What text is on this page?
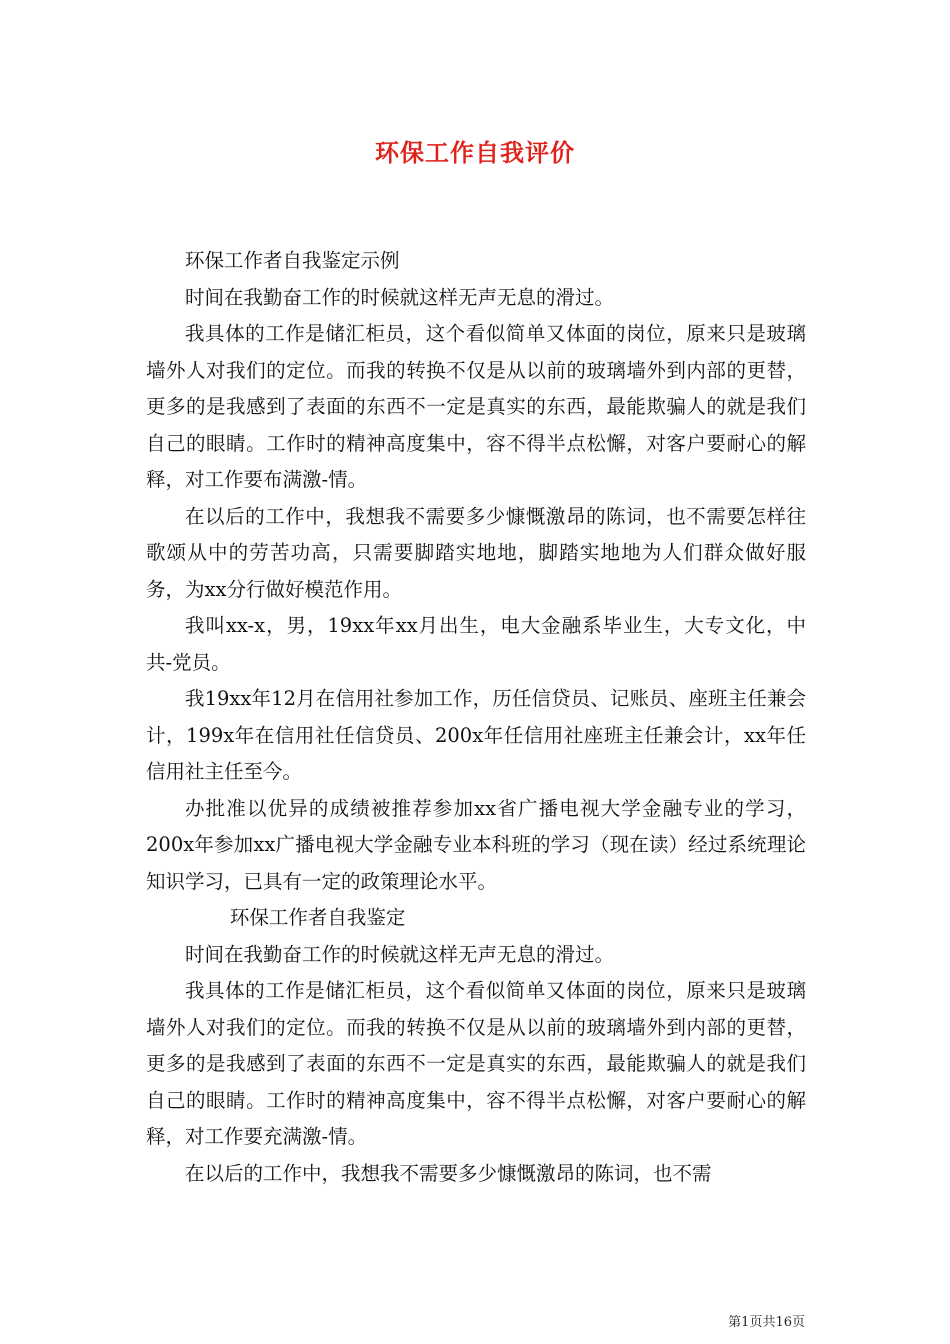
环保工作自我评价

环保工作者自我鉴定示例

时间在我勤奋工作的时候就这样无声无息的滑过。

我具体的工作是储汇柜员，这个看似简单又体面的岗位，原来只是玻璃墙外人对我们的定位。而我的转换不仅是从以前的玻璃墙外到内部的更替，更多的是我感到了表面的东西不一定是真实的东西，最能欺骗人的就是我们自己的眼睛。工作时的精神高度集中，容不得半点松懈，对客户要耐心的解释，对工作要布满激-情。

在以后的工作中，我想我不需要多少慷慨激昂的陈词，也不需要怎样往歌颂从中的劳苦功高，只需要脚踏实地地，脚踏实地地为人们群众做好服务，为xx分行做好模范作用。

我叫xx-x，男，19xx年xx月出生，电大金融系毕业生，大专文化，中共-党员。

我19xx年12月在信用社参加工作，历任信贷员、记账员、座班主任兼会计，199x年在信用社任信贷员、200x年任信用社座班主任兼会计，xx年任信用社主任至今。

办批准以优异的成绩被推荐参加xx省广播电视大学金融专业的学习，200x年参加xx广播电视大学金融专业本科班的学习（现在读）经过系统理论知识学习，已具有一定的政策理论水平。

环保工作者自我鉴定

时间在我勤奋工作的时候就这样无声无息的滑过。

我具体的工作是储汇柜员，这个看似简单又体面的岗位，原来只是玻璃墙外人对我们的定位。而我的转换不仅是从以前的玻璃墙外到内部的更替，更多的是我感到了表面的东西不一定是真实的东西，最能欺骗人的就是我们自己的眼睛。工作时的精神高度集中，容不得半点松懈，对客户要耐心的解释，对工作要充满激-情。

在以后的工作中，我想我不需要多少慷慨激昂的陈词，也不需

第1页共16页
